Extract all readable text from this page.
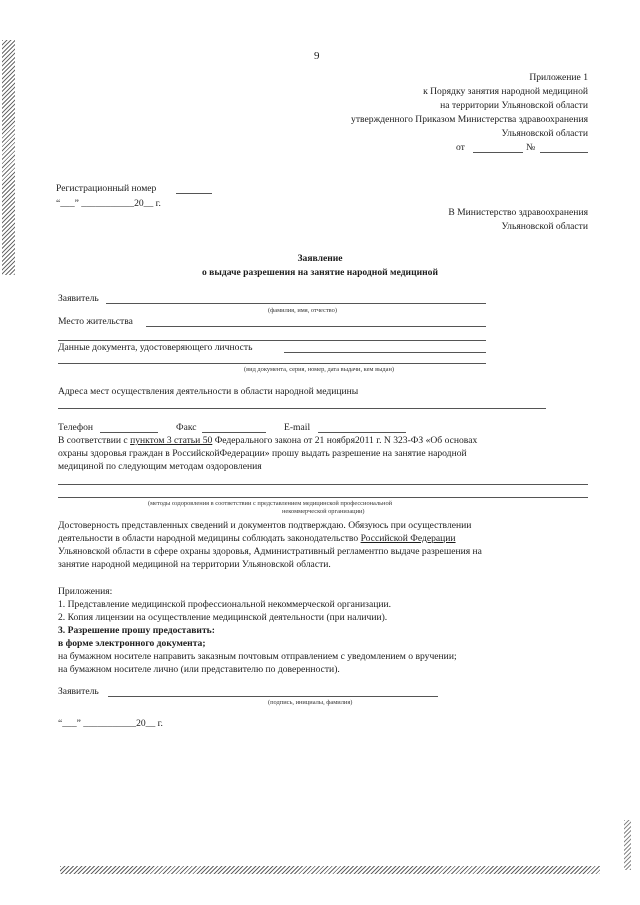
9
Приложение 1
к Порядку занятия народной медициной
на территории Ульяновской области
утвержденного Приказом Министерства здравоохранения
Ульяновской области
от	№
Регистрационный номер
“___” ___________20__ г.
В Министерство здравоохранения
Ульяновской области
Заявление
о выдаче разрешения на занятие народной медициной
Заявитель
(фамилия, имя, отчество)
Место жительства
Данные документа, удостоверяющего личность
(вид документа, серия, номер, дата выдачи, кем выдан)
Адреса мест осуществления деятельности в области народной медицины
Телефон	Факс	E-mail
В соответствии с пунктом 3 статьи 50 Федерального закона от 21 ноября2011 г. N 323-ФЗ «Об основах
охраны здоровья граждан в РоссийскойФедерации» прошу выдать разрешение на занятие народной
медициной по следующим методам оздоровления
(методы оздоровления в соответствии с представлением медицинской профессиональной
некоммерческой организации)
Достоверность представленных сведений и документов подтверждаю. Обязуюсь при осуществлении
деятельности в области народной медицины соблюдать законодательство Российской Федерации
Ульяновской области в сфере охраны здоровья, Административный регламентпо выдаче разрешения на
занятие народной медициной на территории Ульяновской области.
Приложения:
1. Представление медицинской профессиональной некоммерческой организации.
2. Копия лицензии на осуществление медицинской деятельности (при наличии).
3. Разрешение прошу предоставить:
в форме электронного документа;
на бумажном носителе направить заказным почтовым отправлением с уведомлением о вручении;
на бумажном носителе лично (или представителю по доверенности).
Заявитель
(подпись, инициалы, фамилия)
“___” ___________20__ г.
